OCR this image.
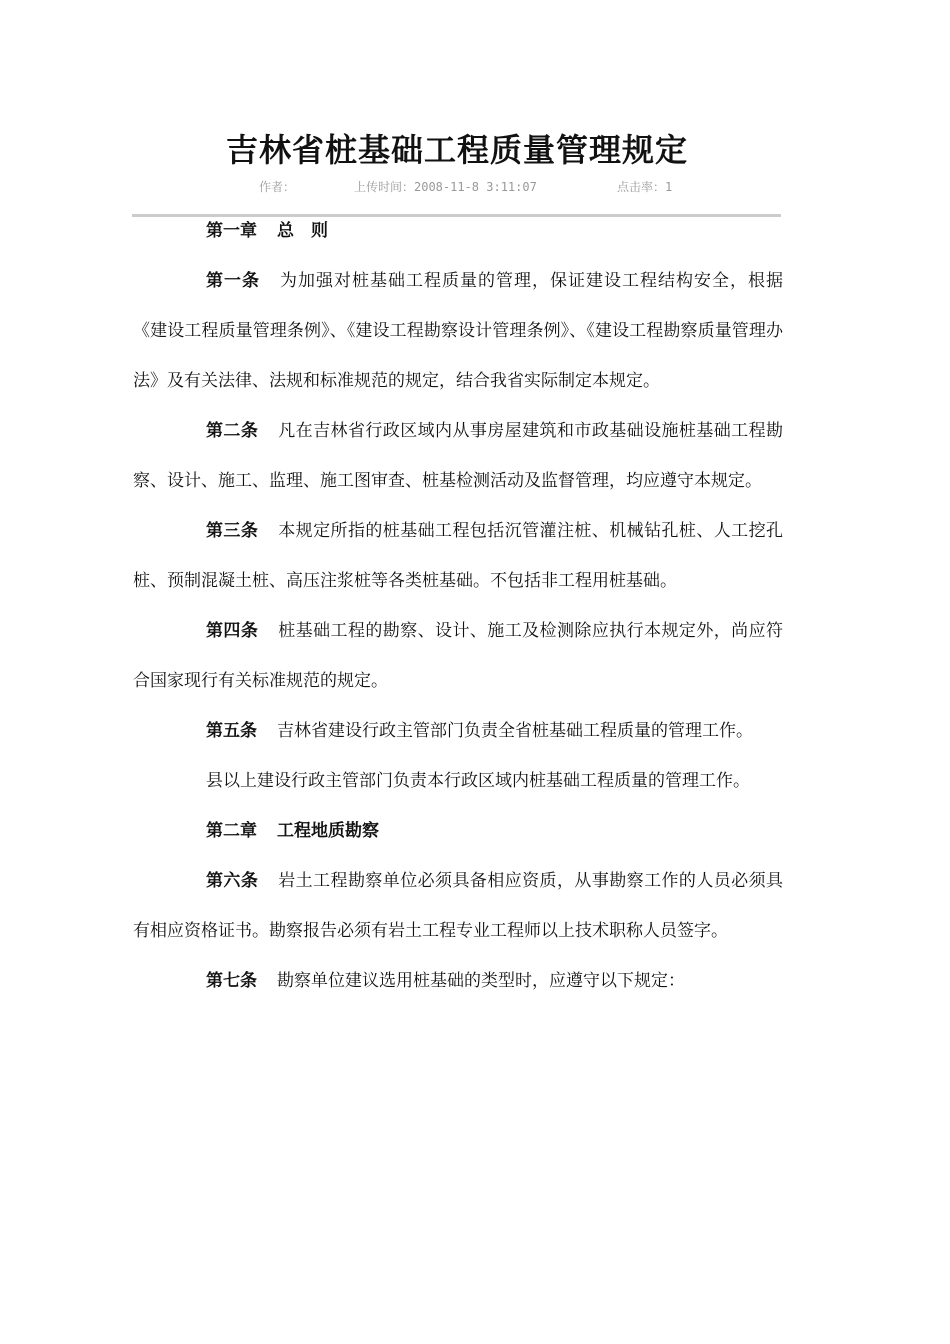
吉林省桩基础工程质量管理规定
作者：	上传时间：2008-11-8 3:11:07	点击率：1

第一章 总　则

第一条 为加强对桩基础工程质量的管理，保证建设工程结构安全，根据《建设工程质量管理条例》、《建设工程勘察设计管理条例》、《建设工程勘察质量管理办法》及有关法律、法规和标准规范的规定，结合我省实际制定本规定。

第二条 凡在吉林省行政区域内从事房屋建筑和市政基础设施桩基础工程勘察、设计、施工、监理、施工图审查、桩基检测活动及监督管理，均应遵守本规定。

第三条 本规定所指的桩基础工程包括沉管灌注桩、机械钻孔桩、人工挖孔桩、预制混凝土桩、高压注浆桩等各类桩基础。不包括非工程用桩基础。

第四条 桩基础工程的勘察、设计、施工及检测除应执行本规定外，尚应符合国家现行有关标准规范的规定。

第五条 吉林省建设行政主管部门负责全省桩基础工程质量的管理工作。

县以上建设行政主管部门负责本行政区域内桩基础工程质量的管理工作。

第二章 工程地质勘察

第六条 岩土工程勘察单位必须具备相应资质，从事勘察工作的人员必须具有相应资格证书。勘察报告必须有岩土工程专业工程师以上技术职称人员签字。

第七条 勘察单位建议选用桩基础的类型时，应遵守以下规定：
